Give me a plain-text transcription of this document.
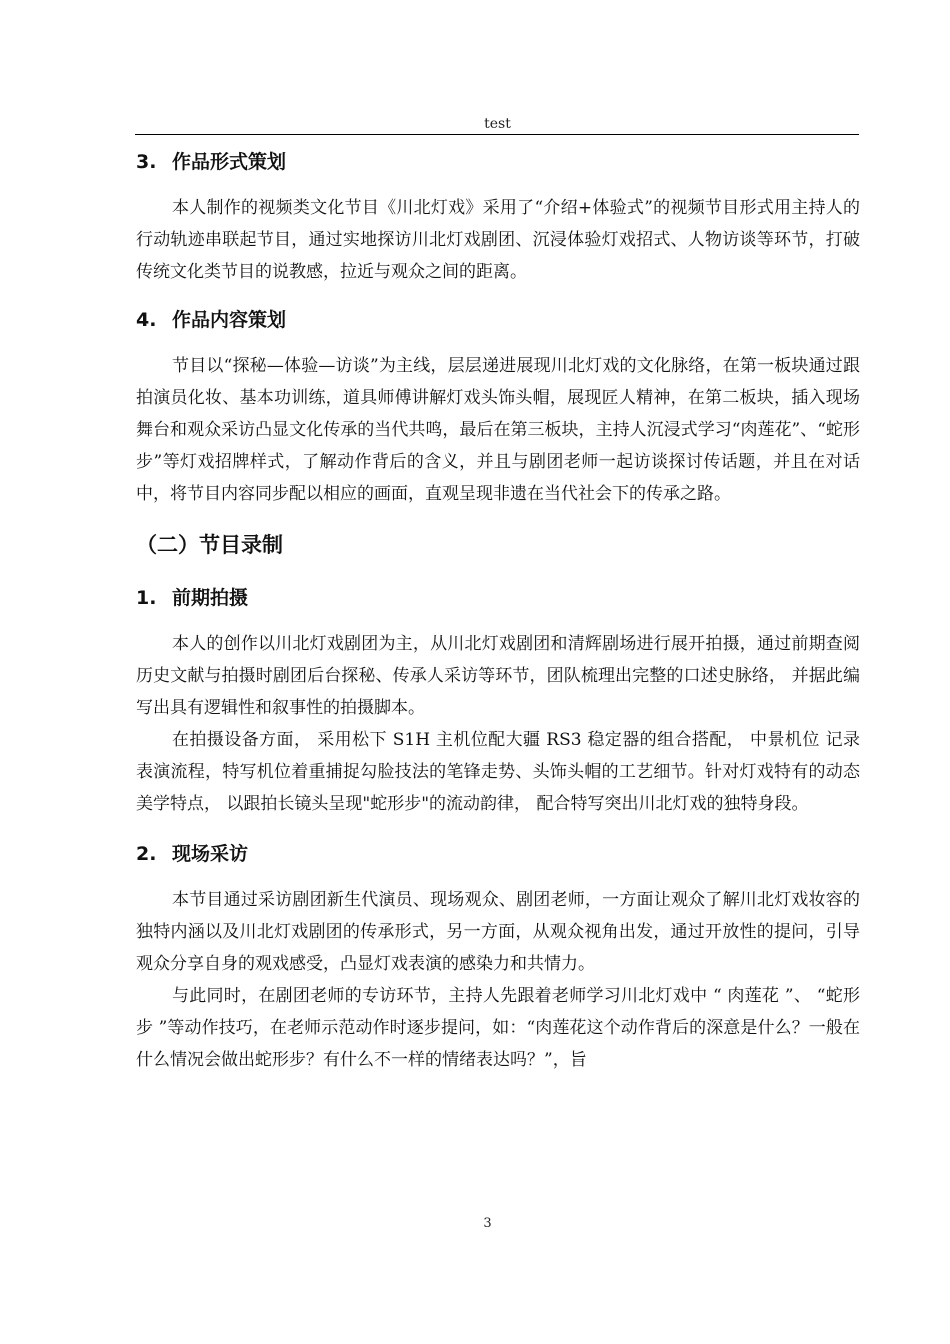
test
3. 作品形式策划

本人制作的视频类文化节目《川北灯戏》采用了“介绍+体验式”的视频节目形式用主持人的行动轨迹串联起节目，通过实地探访川北灯戏剧团、沉浸体验灯戏招式、人物访谈等环节，打破传统文化类节目的说教感，拉近与观众之间的距离。

4. 作品内容策划

节目以“探秘—体验—访谈”为主线，层层递进展现川北灯戏的文化脉络，在第一板块通过跟拍演员化妆、基本功训练，道具师傅讲解灯戏头饰头帽，展现匠人精神，在第二板块，插入现场舞台和观众采访凸显文化传承的当代共鸣，最后在第三板块，主持人沉浸式学习“肉莲花”、“蛇形步”等灯戏招牌样式，了解动作背后的含义，并且与剧团老师一起访谈探讨传话题，并且在对话中，将节目内容同步配以相应的画面，直观呈现非遗在当代社会下的传承之路。

（二）节目录制
1. 前期拍摄

本人的创作以川北灯戏剧团为主，从川北灯戏剧团和清辉剧场进行展开拍摄，通过前期查阅历史文献与拍摄时剧团后台探秘、传承人采访等环节，团队梳理出完整的口述史脉络， 并据此编写出具有逻辑性和叙事性的拍摄脚本。

在拍摄设备方面， 采用松下 S1H 主机位配大疆 RS3 稳定器的组合搭配， 中景机位 记录表演流程，特写机位着重捕捉勾脸技法的笔锋走势、头饰头帽的工艺细节。针对灯戏特有的动态美学特点， 以跟拍长镜头呈现"蛇形步"的流动韵律， 配合特写突出川北灯戏的独特身段。

2. 现场采访

本节目通过采访剧团新生代演员、现场观众、剧团老师，一方面让观众了解川北灯戏妆容的独特内涵以及川北灯戏剧团的传承形式，另一方面，从观众视角出发，通过开放性的提问，引导观众分享自身的观戏感受，凸显灯戏表演的感染力和共情力。

与此同时，在剧团老师的专访环节，主持人先跟着老师学习川北灯戏中 “ 肉莲花 ”、 “蛇形步 ”等动作技巧，在老师示范动作时逐步提问，如：“肉莲花这个动作背后的深意是什么？一般在什么情况会做出蛇形步？有什么不一样的情绪表达吗？”，旨

3
